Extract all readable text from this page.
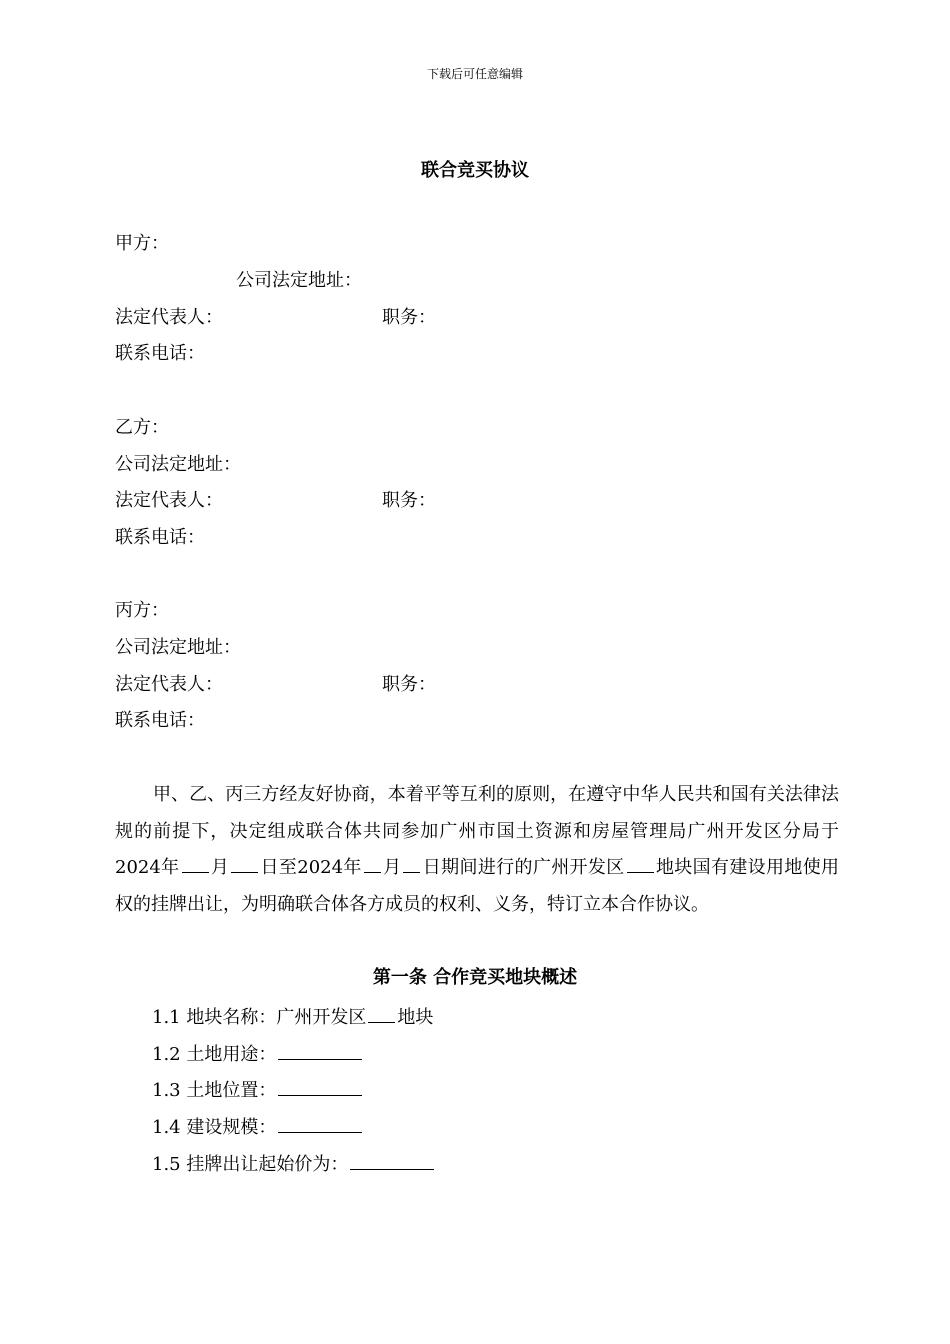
下载后可任意编辑
联合竞买协议
甲方：
公司法定地址：
法定代表人：	职务：
联系电话：
乙方：
公司法定地址：
法定代表人：	职务：
联系电话：
丙方：
公司法定地址：
法定代表人：	职务：
联系电话：
甲、乙、丙三方经友好协商，本着平等互利的原则，在遵守中华人民共和国有关法律法规的前提下，决定组成联合体共同参加广州市国土资源和房屋管理局广州开发区分局于2024年 月 日至2024年 月 日期间进行的广州开发区 地块国有建设用地使用权的挂牌出让，为明确联合体各方成员的权利、义务，特订立本合作协议。
第一条 合作竞买地块概述
1.1 地块名称：广州开发区 地块
1.2 土地用途：
1.3 土地位置：
1.4 建设规模：
1.5 挂牌出让起始价为：
